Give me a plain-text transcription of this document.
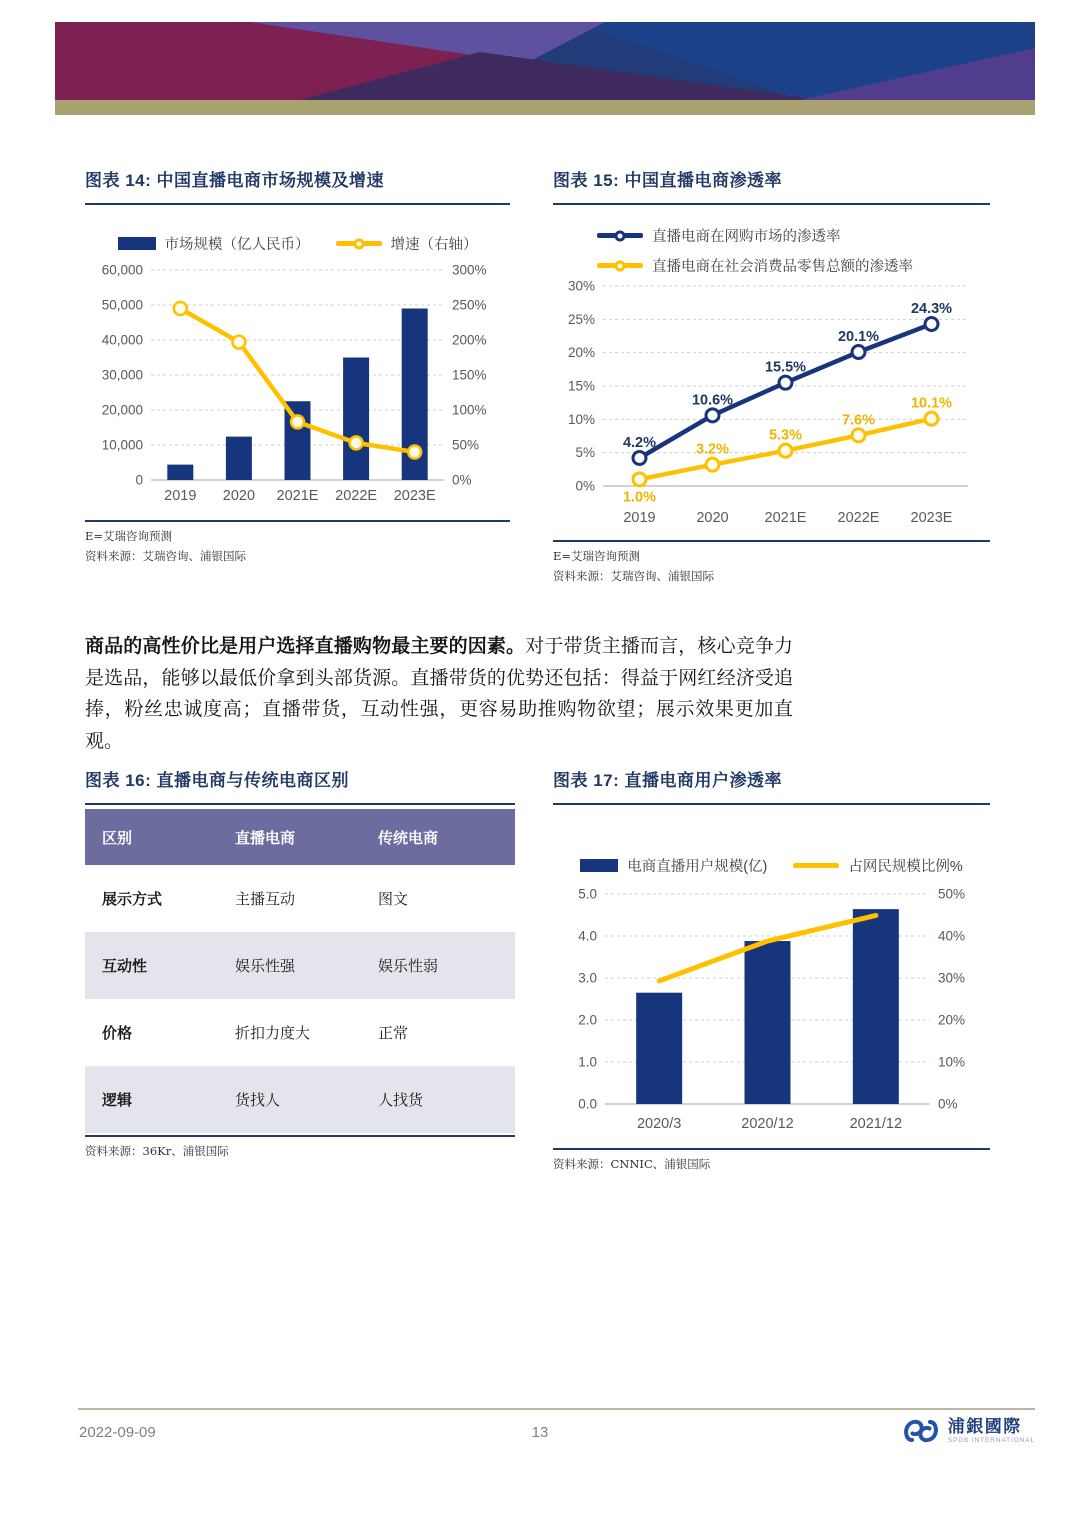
图表 14: 中国直播电商市场规模及增速
市场规模（亿人民币）	增速（右轴）
60,000	300%
50,000	250%
40,000	200%
30,000	150%
20,000	100%
10,000	50%
0	0%
2019 2020 2021E 2022E 2023E
E=艾瑞咨询预测
资料来源：艾瑞咨询、浦银国际
图表 15: 中国直播电商渗透率
直播电商在网购市场的渗透率
直播电商在社会消费品零售总额的渗透率
30%
25%
20%
15%
10%
5%
0%
4.2%
10.6%
15.5%
20.1%
24.3%
1.0%
3.2%
5.3%
7.6%
10.1%
2019	2020 2021E 2022E 2023E
E=艾瑞咨询预测
资料来源：艾瑞咨询、浦银国际

商品的高性价比是用户选择直播购物最主要的因素。对于带货主播而言，核心竞争力是选品，能够以最低价拿到头部货源。直播带货的优势还包括：得益于网红经济受追捧，粉丝忠诚度高；直播带货，互动性强，更容易助推购物欲望；展示效果更加直观。

图表 16: 直播电商与传统电商区别
区别	直播电商	传统电商
展示方式	主播互动	图文
互动性	娱乐性强	娱乐性弱
价格	折扣力度大	正常
逻辑	货找人	人找货
资料来源：36Kr、浦银国际
图表 17: 直播电商用户渗透率
电商直播用户规模(亿)	占网民规模比例%
5.0	50%
4.0	40%
3.0	30%
2.0	20%
1.0	10%
0.0	0%
2020/3	2020/12	2021/12
资料来源：CNNIC、浦银国际
2022-09-09	13	浦銀國際
SPDB INTERNATIONAL
